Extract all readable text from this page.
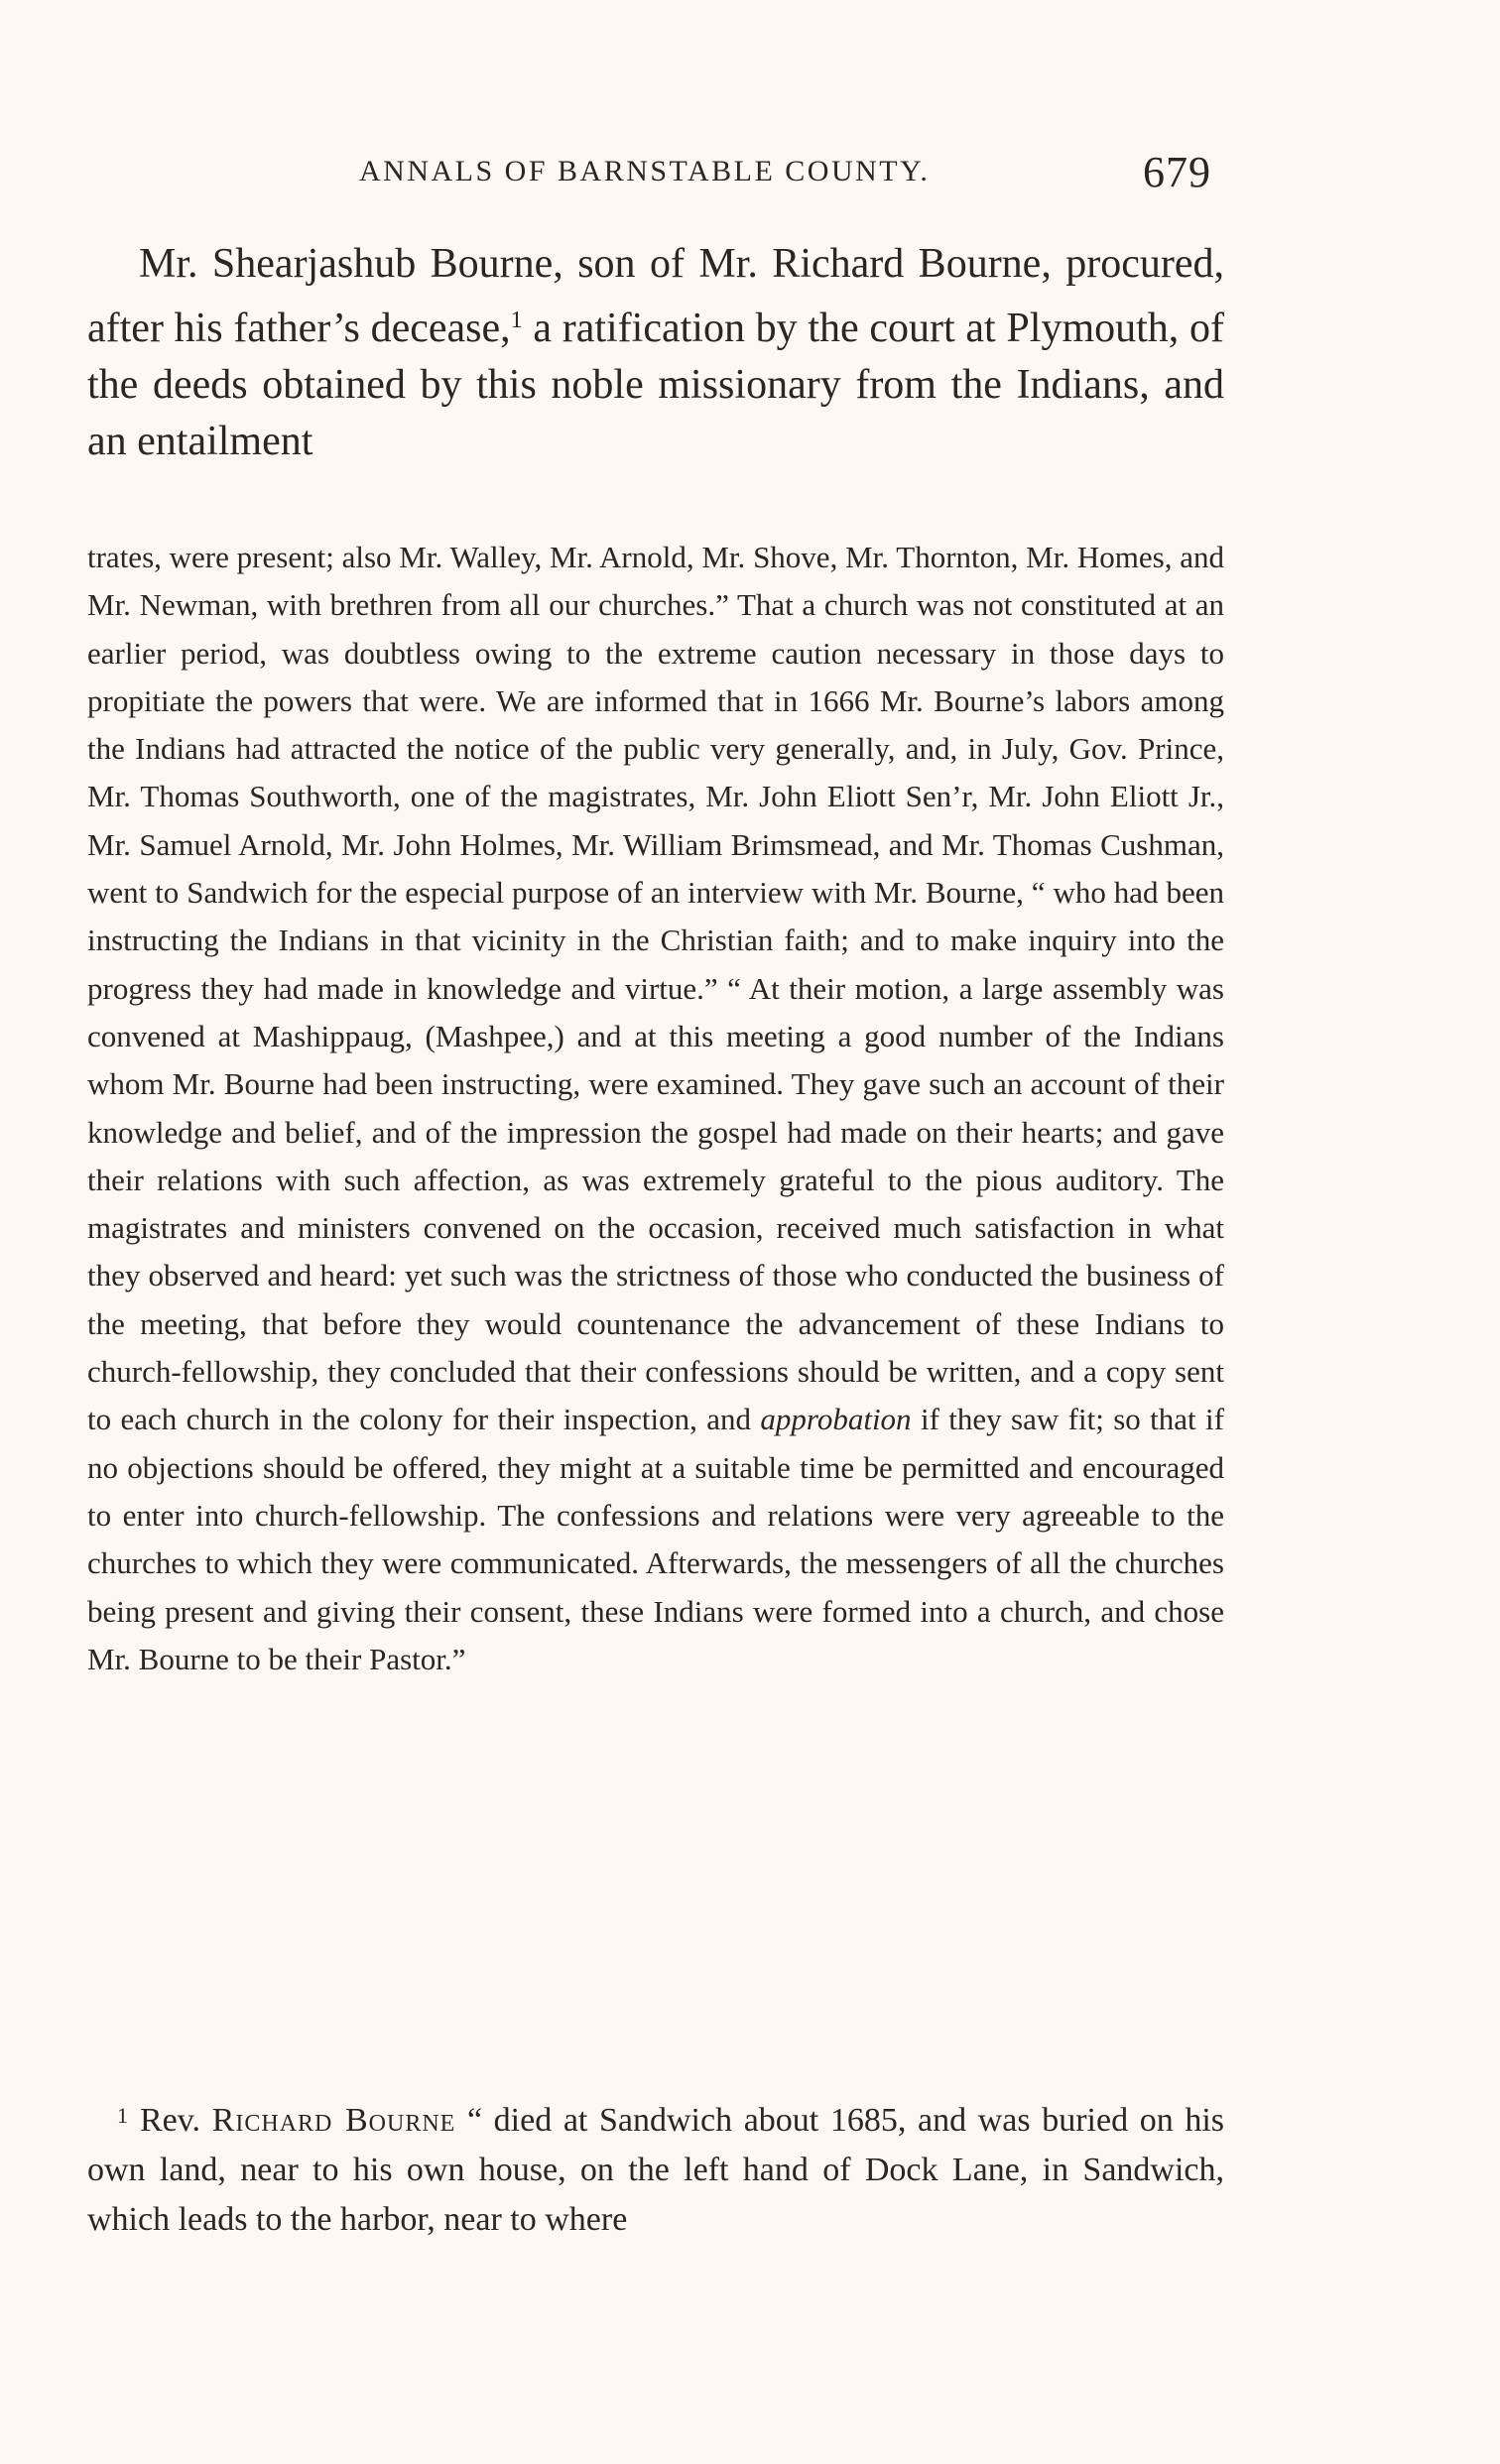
ANNALS OF BARNSTABLE COUNTY.	679

Mr. Shearjashub Bourne, son of Mr. Richard Bourne, procured, after his father’s decease,$^1$ a ratification by the court at Plymouth, of the deeds obtained by this noble missionary from the Indians, and an entailment

trates, were present; also Mr. Walley, Mr. Arnold, Mr. Shove, Mr. Thornton, Mr. Homes, and Mr. Newman, with brethren from all our churches.” That a church was not constituted at an earlier period, was doubtless owing to the extreme caution necessary in those days to propitiate the powers that were. We are informed that in 1666 Mr. Bourne’s labors among the Indians had attracted the notice of the public very generally, and, in July, Gov. Prince, Mr. Thomas Southworth, one of the magistrates, Mr. John Eliott Sen’r, Mr. John Eliott Jr., Mr. Samuel Arnold, Mr. John Holmes, Mr. William Brimsmead, and Mr. Thomas Cushman, went to Sandwich for the especial purpose of an interview with Mr. Bourne, “ who had been instructing the Indians in that vicinity in the Christian faith; and to make inquiry into the progress they had made in knowledge and virtue.” “ At their motion, a large assembly was convened at Mashippaug, (Mashpee,) and at this meeting a good number of the Indians whom Mr. Bourne had been instructing, were examined. They gave such an account of their knowledge and belief, and of the impression the gospel had made on their hearts; and gave their relations with such affection, as was extremely grateful to the pious auditory. The magistrates and ministers convened on the occasion, received much satisfaction in what they observed and heard: yet such was the strictness of those who conducted the business of the meeting, that before they would countenance the advancement of these Indians to church-fellowship, they concluded that their confessions should be written, and a copy sent to each church in the colony for their inspection, and approbation if they saw fit; so that if no objections should be offered, they might at a suitable time be permitted and encouraged to enter into church-fellowship. The confessions and relations were very agreeable to the churches to which they were communicated. Afterwards, the messengers of all the churches being present and giving their consent, these Indians were formed into a church, and chose Mr. Bourne to be their Pastor.”

$^1$ Rev. Richard Bourne “ died at Sandwich about 1685, and was buried on his own land, near to his own house, on the left hand of Dock Lane, in Sandwich, which leads to the harbor, near to where
